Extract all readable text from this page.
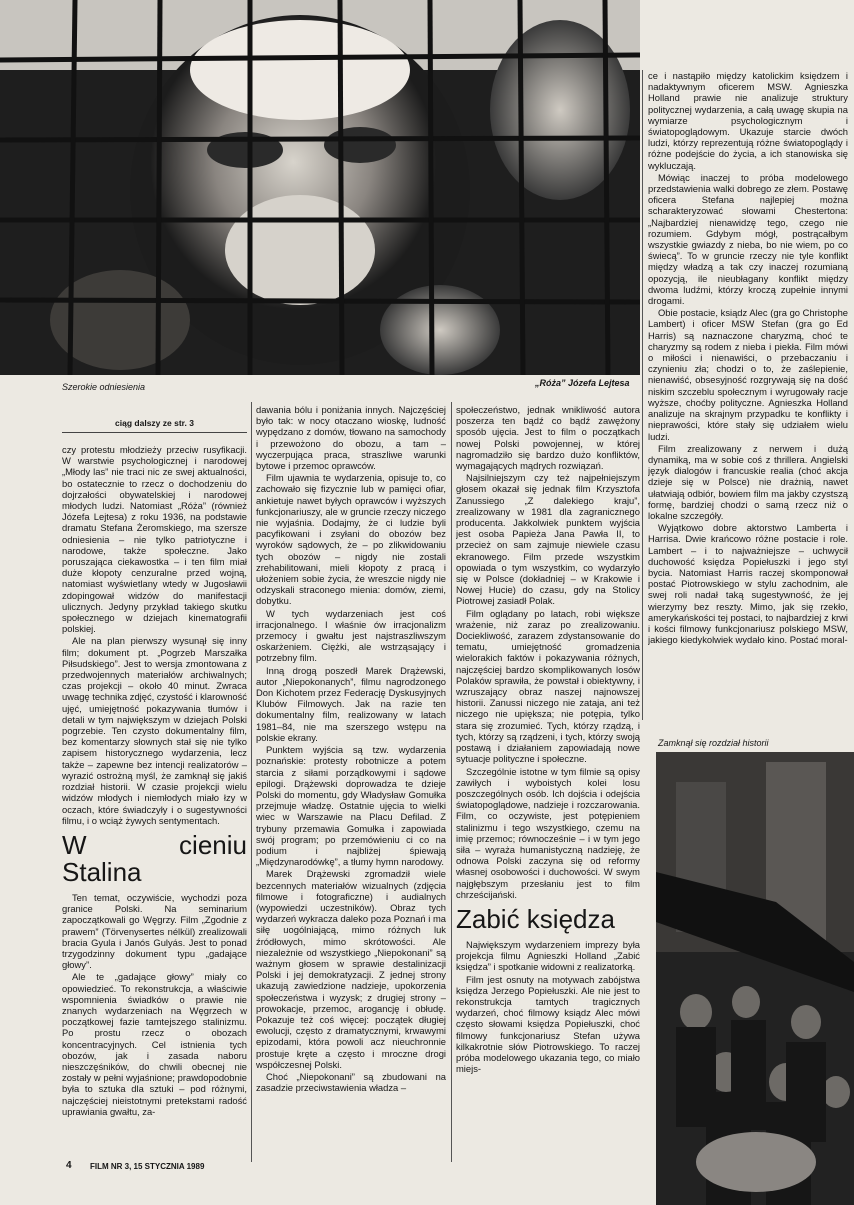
Szerokie odniesienia	„Róża” Józefa Lejtesa
ciąg dalszy ze str. 3

czy protestu młodzieży przeciw rusyfikacji. W warstwie psychologicznej i narodowej „Młody las” nie traci nic ze swej aktualności, bo ostatecznie to rzecz o dochodzeniu do dojrzałości obywatelskiej i narodowej młodych ludzi. Natomiast „Róża” (również Józefa Lejtesa) z roku 1936, na podstawie dramatu Stefana Żeromskiego, ma szersze odniesienia – nie tylko patriotyczne i narodowe, także społeczne. Jako poruszająca ciekawostka – i ten film miał duże kłopoty cenzuralne przed wojną, natomiast wyświetlany wtedy w Jugosławii zdopingował widzów do manifestacji ulicznych. Jedyny przykład takiego skutku społecznego w dziejach kinematografii polskiej.

Ale na plan pierwszy wysunął się inny film; dokument pt. „Pogrzeb Marszałka Piłsudskiego”. Jest to wersja zmontowana z przedwojennych materiałów archiwalnych; czas projekcji – około 40 minut. Zwraca uwagę technika zdjęć, czystość i klarowność ujęć, umiejętność pokazywania tłumów i detali w tym największym w dziejach Polski pogrzebie. Ten czysto dokumentalny film, bez komentarzy słownych stał się nie tylko zapisem historycznego wydarzenia, lecz także – zapewne bez intencji realizatorów – wyrazić ostrożną myśl, że zamknął się jakiś rozdział historii. W czasie projekcji wielu widzów młodych i niemłodych miało łzy w oczach, które świadczyły i o sugestywności filmu, i o wciąż żywych sentymentach.

W cieniu Stalina

Ten temat, oczywiście, wychodzi poza granice Polski. Na seminarium zapoczątkowali go Węgrzy. Film „Zgodnie z prawem” (Törvenysertes nélkül) zrealizowali bracia Gyula i Janós Gulyás. Jest to ponad trzygodzinny dokument typu „gadające głowy”.

Ale te „gadające głowy” miały co opowiedzieć. To rekonstrukcja, a właściwie wspomnienia świadków o prawie nie znanych wydarzeniach na Węgrzech w początkowej fazie tamtejszego stalinizmu. Po prostu rzecz o obozach koncentracyjnych. Cel istnienia tych obozów, jak i zasada naboru nieszczęśników, do chwili obecnej nie zostały w pełni wyjaśnione; prawdopodobnie była to sztuka dla sztuki – pod różnymi, najczęściej nieistotnymi pretekstami radość uprawiania gwałtu, za-

dawania bólu i poniżania innych. Najczęściej było tak: w nocy otaczano wioskę, ludność wypędzano z domów, tłowano na samochody i przewożono do obozu, a tam – wyczerpująca praca, straszliwe warunki bytowe i przemoc oprawców.

Film ujawnia te wydarzenia, opisuje to, co zachowało się fizycznie lub w pamięci ofiar, ankietuje nawet byłych oprawców i wyższych funkcjonariuszy, ale w gruncie rzeczy niczego nie wyjaśnia. Dodajmy, że ci ludzie byli pacyfikowani i zsyłani do obozów bez wyroków sądowych, że – po zlikwidowaniu tych obozów – nigdy nie zostali zrehabilitowani, mieli kłopoty z pracą i ułożeniem sobie życia, że wreszcie nigdy nie odzyskali straconego mienia: domów, ziemi, dobytku.

W tych wydarzeniach jest coś irracjonalnego. I właśnie ów irracjonalizm przemocy i gwałtu jest najstraszliwszym oskarżeniem. Ciężki, ale wstrząsający i potrzebny film.

Inną drogą poszedł Marek Drążewski, autor „Niepokonanych”, filmu nagrodzonego Don Kichotem przez Federację Dyskusyjnych Klubów Filmowych. Jak na razie ten dokumentalny film, realizowany w latach 1981–84, nie ma szerszego wstępu na polskie ekrany.

Punktem wyjścia są tzw. wydarzenia poznańskie: protesty robotnicze a potem starcia z siłami porządkowymi i sądowe epilogi. Drążewski doprowadza te dzieje Polski do momentu, gdy Władysław Gomułka przejmuje władzę. Ostatnie ujęcia to wielki wiec w Warszawie na Placu Defilad. Z trybuny przemawia Gomułka i zapowiada swój program; po przemówieniu ci co na podium i najbliżej śpiewają „Międzynarodówkę”, a tłumy hymn narodowy.

Marek Drążewski zgromadził wiele bezcennych materiałów wizualnych (zdjęcia filmowe i fotograficzne) i audialnych (wypowiedzi uczestników). Obraz tych wydarzeń wykracza daleko poza Poznań i ma siłę uogólniającą, mimo różnych luk źródłowych, mimo skrótowości. Ale niezależnie od wszystkiego „Niepokonani” są ważnym głosem w sprawie destalinizacji Polski i jej demokratyzacji. Z jednej strony ukazują zawiedzione nadzieje, upokorzenia społeczeństwa i wyzysk; z drugiej strony – prowokacje, przemoc, arogancję i obłudę. Pokazuje też coś więcej: początek długiej ewolucji, często z dramatycznymi, krwawymi epizodami, która powoli acz nieuchronnie prostuje kręte a często i mroczne drogi współczesnej Polski.

Choć „Niepokonani” są zbudowani na zasadzie przeciwstawienia władza –

społeczeństwo, jednak wnikliwość autora poszerza ten bądź co bądź zawężony sposób ujęcia. Jest to film o początkach nowej Polski powojennej, w której nagromadziło się bardzo dużo konfliktów, wymagających mądrych rozwiązań.

Najsilniejszym czy też najpełniejszym głosem okazał się jednak film Krzysztofa Zanussiego „Z dalekiego kraju”, zrealizowany w 1981 dla zagranicznego producenta. Jakkolwiek punktem wyjścia jest osoba Papieża Jana Pawła II, to przecież on sam zajmuje niewiele czasu ekranowego. Film przede wszystkim opowiada o tym wszystkim, co wydarzyło się w Polsce (dokładniej – w Krakowie i Nowej Hucie) do czasu, gdy na Stolicy Piotrowej zasiadł Polak.

Film oglądany po latach, robi większe wrażenie, niż zaraz po zrealizowaniu. Dociekliwość, zarazem zdystansowanie do tematu, umiejętność gromadzenia wielorakich faktów i pokazywania różnych, najczęściej bardzo skomplikowanych losów Polaków sprawiła, że powstał i obiektywny, i wzruszający obraz naszej najnowszej historii. Zanussi niczego nie zataja, ani też niczego nie upiększa; nie potępia, tylko stara się zrozumieć. Tych, którzy rządzą, i tych, którzy są rządzeni, i tych, którzy swoją postawą i działaniem zapowiadają nowe sytuacje polityczne i społeczne.

Szczególnie istotne w tym filmie są opisy zawiłych i wyboistych kolei losu poszczególnych osób. Ich dojścia i odejścia światopoglądowe, nadzieje i rozczarowania. Film, co oczywiste, jest potępieniem stalinizmu i tego wszystkiego, czemu na imię przemoc; równocześnie – i w tym jego siła – wyraża humanistyczną nadzieję, że odnowa Polski zaczyna się od reformy własnej osobowości i duchowości. W swym najgłębszym przesłaniu jest to film chrześcijański.

Zabić księdza

Największym wydarzeniem imprezy była projekcja filmu Agnieszki Holland „Zabić księdza” i spotkanie widowni z realizatorką.

Film jest osnuty na motywach zabójstwa księdza Jerzego Popiełuszki. Ale nie jest to rekonstrukcja tamtych tragicznych wydarzeń, choć filmowy ksiądz Alec mówi często słowami księdza Popiełuszki, choć filmowy funkcjonariusz Stefan używa kilkakrotnie słów Piotrowskiego. To raczej próba modelowego ukazania tego, co miało miejs-

ce i nastąpiło między katolickim księdzem i nadaktywnym oficerem MSW. Agnieszka Holland prawie nie analizuje struktury politycznej wydarzenia, a całą uwagę skupia na wymiarze psychologicznym i światopoglądowym. Ukazuje starcie dwóch ludzi, którzy reprezentują różne światopoglądy i różne podejście do życia, a ich stanowiska się wykluczają.

Mówiąc inaczej to próba modelowego przedstawienia walki dobrego ze złem. Postawę oficera Stefana najlepiej można scharakteryzować słowami Chestertona: „Najbardziej nienawidzę tego, czego nie rozumiem. Gdybym mógł, postrącałbym wszystkie gwiazdy z nieba, bo nie wiem, po co świecą”. To w gruncie rzeczy nie tyle konflikt między władzą a tak czy inaczej rozumianą opozycją, ile nieubłagany konflikt między dwoma ludźmi, którzy kroczą zupełnie innymi drogami.

Obie postacie, ksiądz Alec (gra go Christophe Lambert) i oficer MSW Stefan (gra go Ed Harris) są naznaczone charyzmą, choć te charyzmy są rodem z nieba i piekła. Film mówi o miłości i nienawiści, o przebaczaniu i czynieniu zła; chodzi o to, że zaślepienie, nienawiść, obsesyjność rozgrywają się na dość niskim szczeblu społecznym i wyrugowały racje wyższe, choćby polityczne. Agnieszka Holland analizuje na skrajnym przypadku te konflikty i nieprawości, które stały się udziałem wielu ludzi.

Film zrealizowany z nerwem i dużą dynamiką, ma w sobie coś z thrillera. Angielski język dialogów i francuskie realia (choć akcja dzieje się w Polsce) nie drażnią, nawet ułatwiają odbiór, bowiem film ma jakby czystszą formę, bardziej chodzi o samą rzecz niż o lokalne szczegóły.

Wyjątkowo dobre aktorstwo Lamberta i Harrisa. Dwie krańcowo różne postacie i role. Lambert – i to najważniejsze – uchwycił duchowość księdza Popiełuszki i jego styl bycia. Natomiast Harris raczej skomponował postać Piotrowskiego w stylu zachodnim, ale swej roli nadał taką sugestywność, że jej wierzymy bez reszty. Mimo, jak się rzekło, amerykańskości tej postaci, to najbardziej z krwi i kości filmowy funkcjonariusz polskiego MSW, jakiego kiedykolwiek wydało kino. Postać moral-

Zamknął się rozdział historii
4 FILM NR 3, 15 STYCZNIA 1989
